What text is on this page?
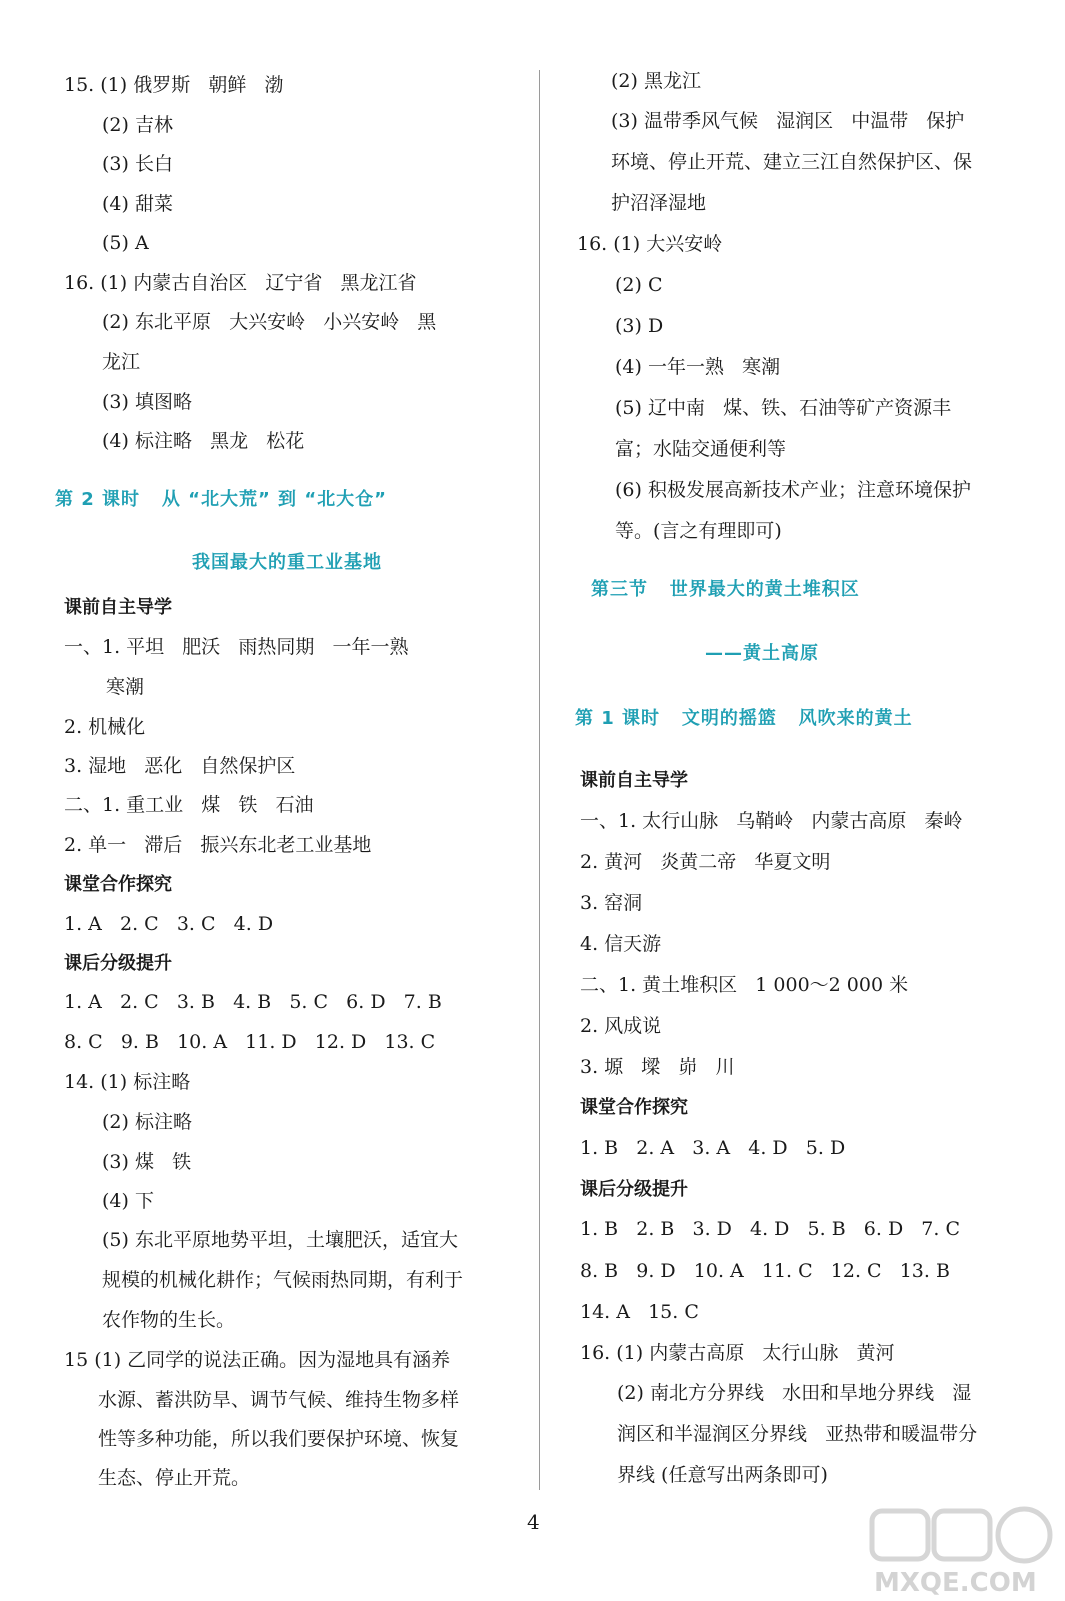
15. (1) 俄罗斯   朝鲜   渤
(2) 吉林
(3) 长白
(4) 甜菜
(5) A
16. (1) 内蒙古自治区   辽宁省   黑龙江省
(2) 东北平原   大兴安岭   小兴安岭   黑
龙江
(3) 填图略
(4) 标注略   黑龙   松花
第 2 课时   从 “北大荒” 到 “北大仓”
我国最大的重工业基地
课前自主导学
一、1. 平坦   肥沃   雨热同期   一年一熟
寒潮
2. 机械化
3. 湿地   恶化   自然保护区
二、1. 重工业   煤   铁   石油
2. 单一   滞后   振兴东北老工业基地
课堂合作探究
1. A   2. C   3. C   4. D
课后分级提升
1. A   2. C   3. B   4. B   5. C   6. D   7. B
8. C   9. B   10. A   11. D   12. D   13. C
14. (1) 标注略
(2) 标注略
(3) 煤   铁
(4) 下
(5) 东北平原地势平坦，土壤肥沃，适宜大
规模的机械化耕作；气候雨热同期，有利于
农作物的生长。
15 (1) 乙同学的说法正确。因为湿地具有涵养
水源、蓄洪防旱、调节气候、维持生物多样
性等多种功能，所以我们要保护环境、恢复
生态、停止开荒。
(2) 黑龙江
(3) 温带季风气候   湿润区   中温带   保护
环境、停止开荒、建立三江自然保护区、保
护沼泽湿地
16. (1) 大兴安岭
(2) C
(3) D
(4) 一年一熟   寒潮
(5) 辽中南   煤、铁、石油等矿产资源丰
富；水陆交通便利等
(6) 积极发展高新技术产业；注意环境保护
等。(言之有理即可)
第三节   世界最大的黄土堆积区
——黄土高原
第 1 课时   文明的摇篮   风吹来的黄土
课前自主导学
一、1. 太行山脉   乌鞘岭   内蒙古高原   秦岭
2. 黄河   炎黄二帝   华夏文明
3. 窑洞
4. 信天游
二、1. 黄土堆积区   1 000～2 000 米
2. 风成说
3. 塬   墚   峁   川
课堂合作探究
1. B   2. A   3. A   4. D   5. D
课后分级提升
1. B   2. B   3. D   4. D   5. B   6. D   7. C
8. B   9. D   10. A   11. C   12. C   13. B
14. A   15. C
16. (1) 内蒙古高原   太行山脉   黄河
(2) 南北方分界线   水田和旱地分界线   湿
润区和半湿润区分界线   亚热带和暖温带分
界线 (任意写出两条即可)
4
MXQE.COM
